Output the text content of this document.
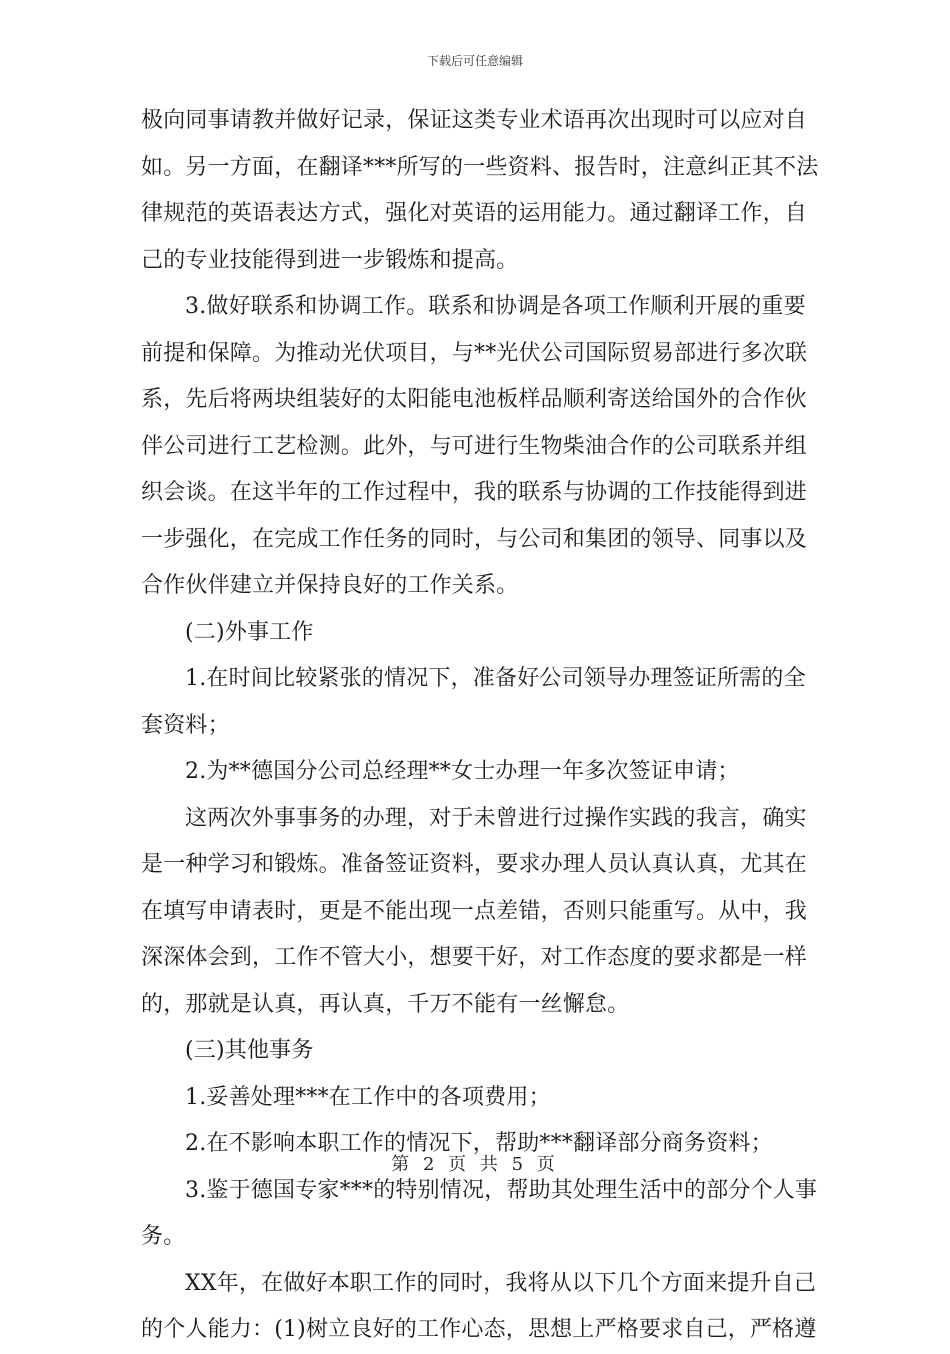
下载后可任意编辑
极向同事请教并做好记录，保证这类专业术语再次出现时可以应对自
如。另一方面，在翻译***所写的一些资料、报告时，注意纠正其不法
律规范的英语表达方式，强化对英语的运用能力。通过翻译工作，自
己的专业技能得到进一步锻炼和提高。
3.做好联系和协调工作。联系和协调是各项工作顺利开展的重要
前提和保障。为推动光伏项目，与**光伏公司国际贸易部进行多次联
系，先后将两块组装好的太阳能电池板样品顺利寄送给国外的合作伙
伴公司进行工艺检测。此外，与可进行生物柴油合作的公司联系并组
织会谈。在这半年的工作过程中，我的联系与协调的工作技能得到进
一步强化，在完成工作任务的同时，与公司和集团的领导、同事以及
合作伙伴建立并保持良好的工作关系。
(二)外事工作
1.在时间比较紧张的情况下，准备好公司领导办理签证所需的全
套资料；
2.为**德国分公司总经理**女士办理一年多次签证申请；
这两次外事事务的办理，对于未曾进行过操作实践的我言，确实
是一种学习和锻炼。准备签证资料，要求办理人员认真认真，尤其在
在填写申请表时，更是不能出现一点差错，否则只能重写。从中，我
深深体会到，工作不管大小，想要干好，对工作态度的要求都是一样
的，那就是认真，再认真，千万不能有一丝懈怠。
(三)其他事务
1.妥善处理***在工作中的各项费用；
2.在不影响本职工作的情况下，帮助***翻译部分商务资料；
3.鉴于德国专家***的特别情况，帮助其处理生活中的部分个人事
务。
XX年，在做好本职工作的同时，我将从以下几个方面来提升自己
的个人能力：(1)树立良好的工作心态，思想上严格要求自己，严格遵
第 2 页 共 5 页
